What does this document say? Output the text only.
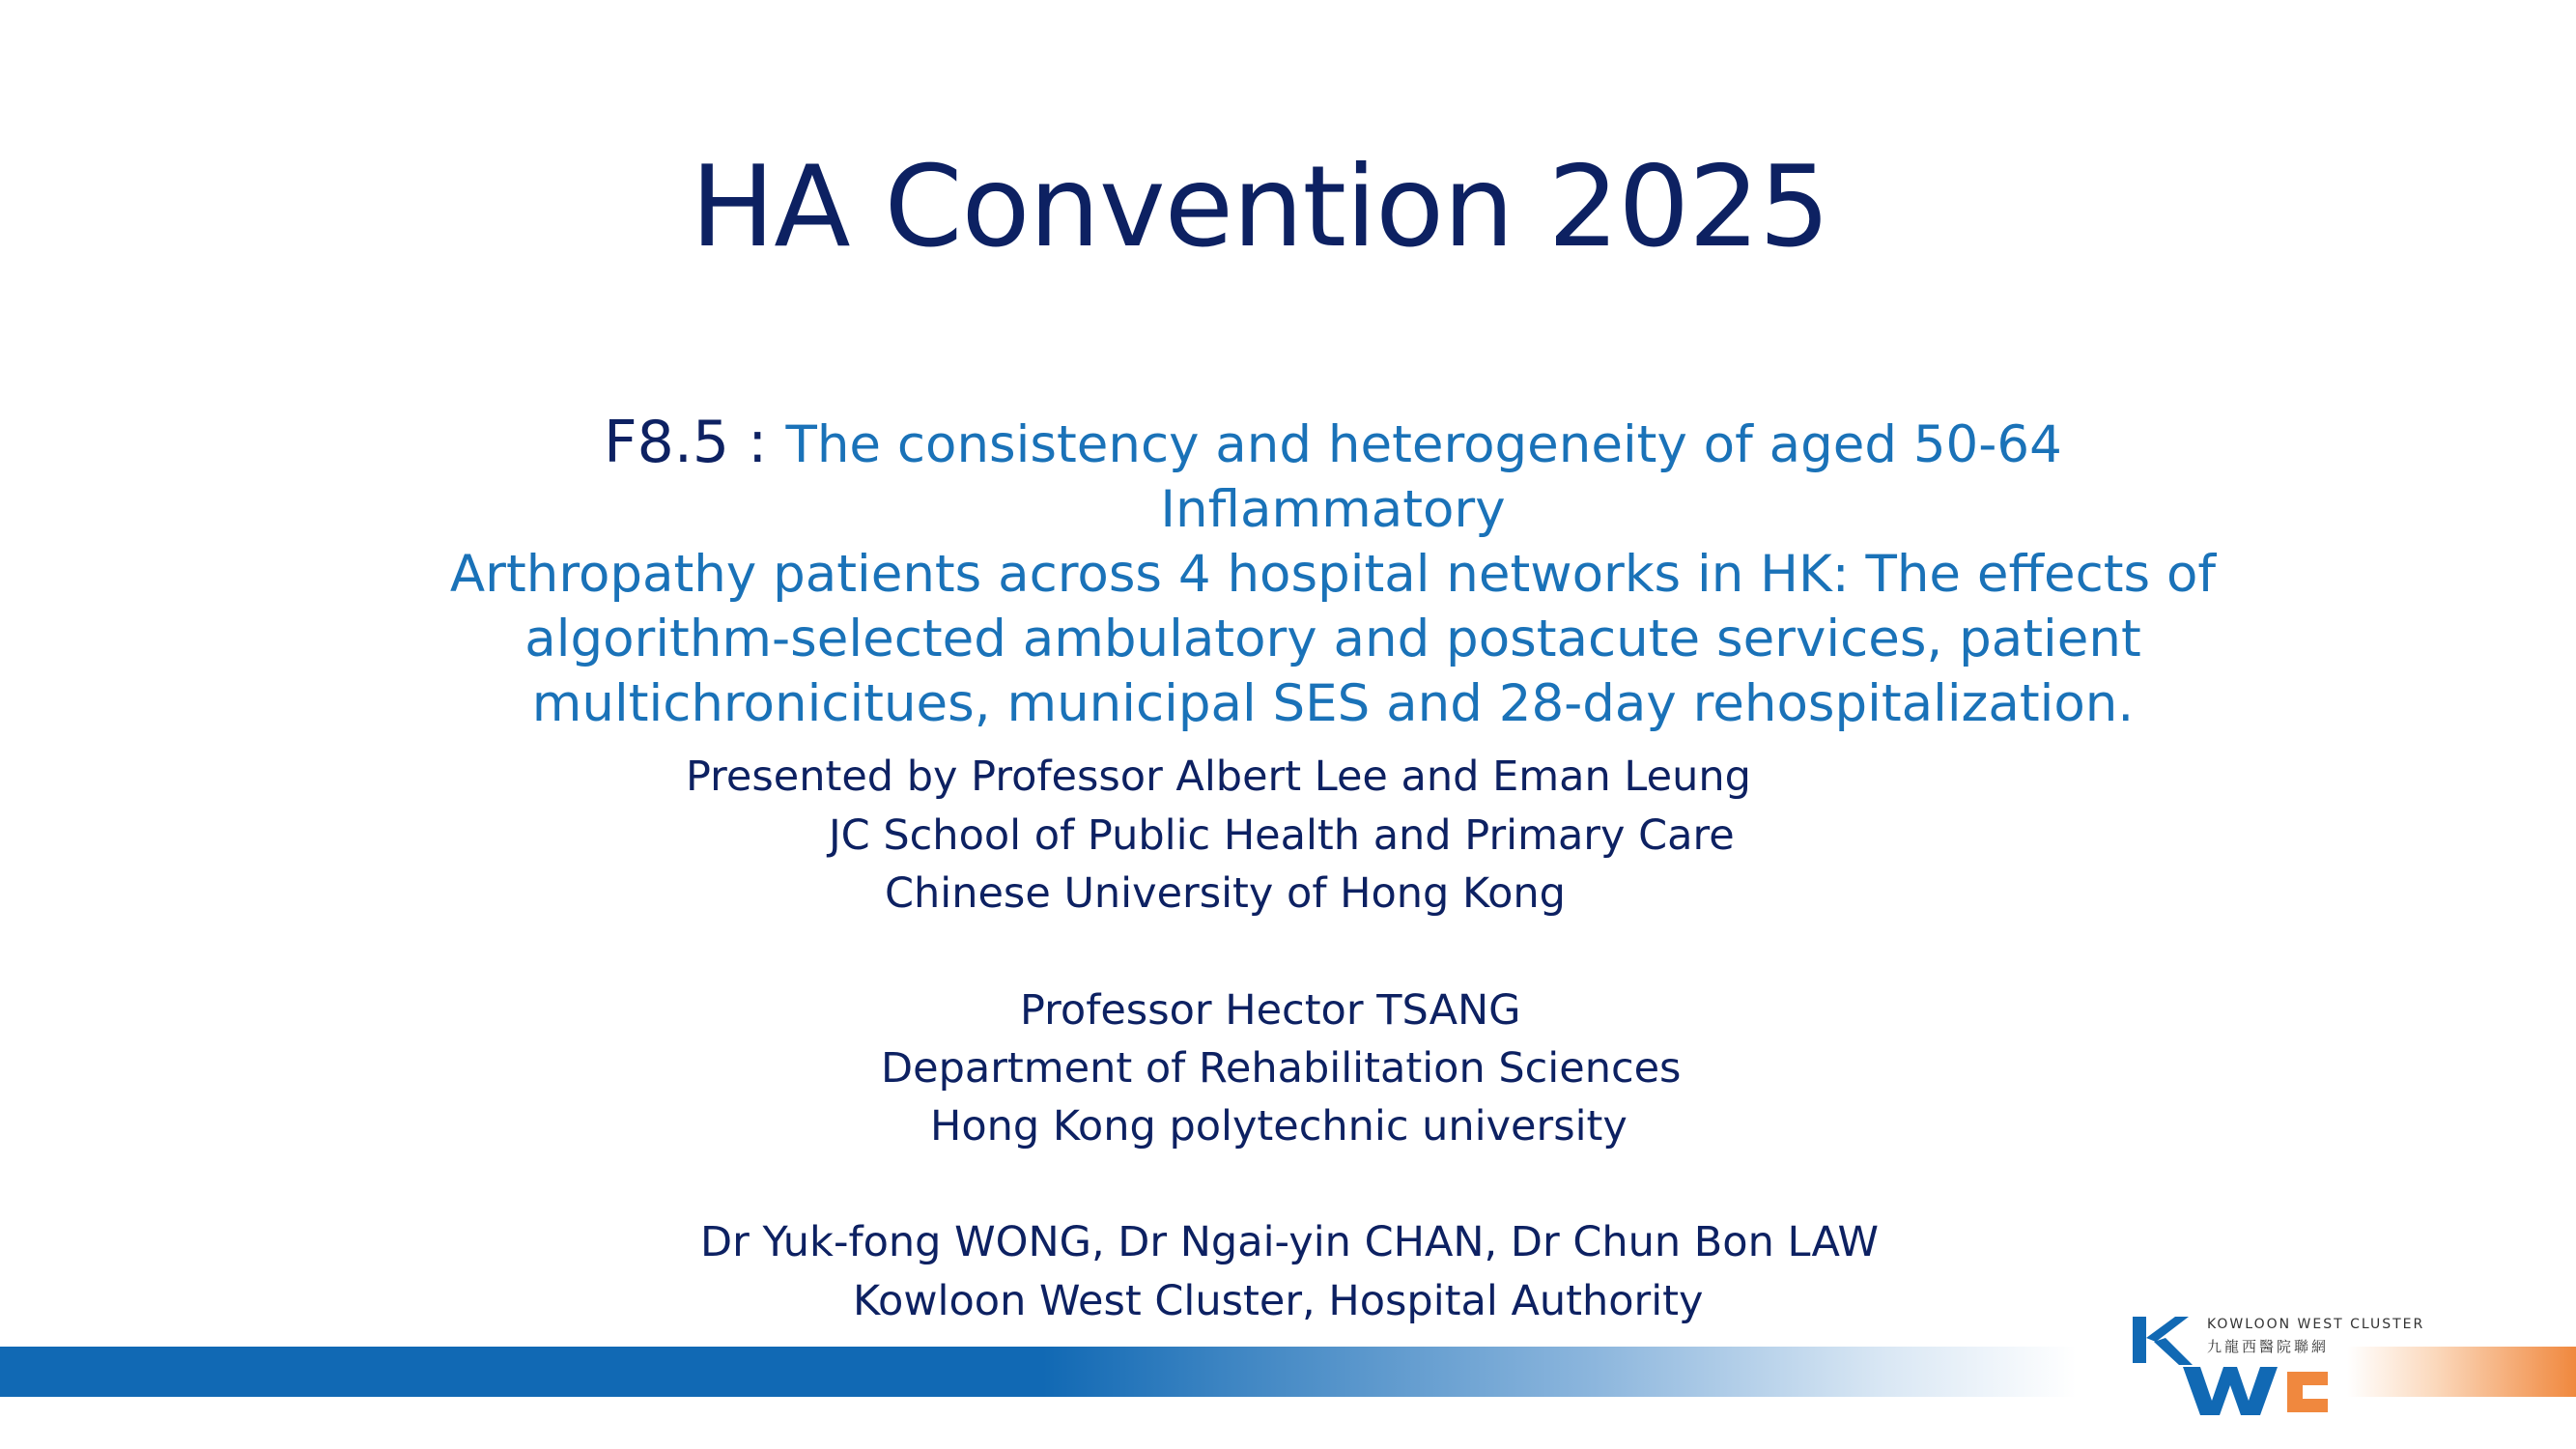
HA Convention 2025
F8.5 : The consistency and heterogeneity of aged 50-64 Inflammatory
Arthropathy patients across 4 hospital networks in HK: The effects of
algorithm-selected ambulatory and postacute services, patient
multichronicitues, municipal SES and 28-day rehospitalization.
Presented by Professor Albert Lee and Eman Leung
JC School of Public Health and Primary Care
Chinese University of Hong Kong
Professor Hector TSANG
Department of Rehabilitation Sciences
Hong Kong polytechnic university
Dr Yuk-fong WONG, Dr Ngai-yin CHAN, Dr Chun Bon LAW
Kowloon West Cluster, Hospital Authority	KOWLOON WEST CLUSTER
九龍西醫院聯網
